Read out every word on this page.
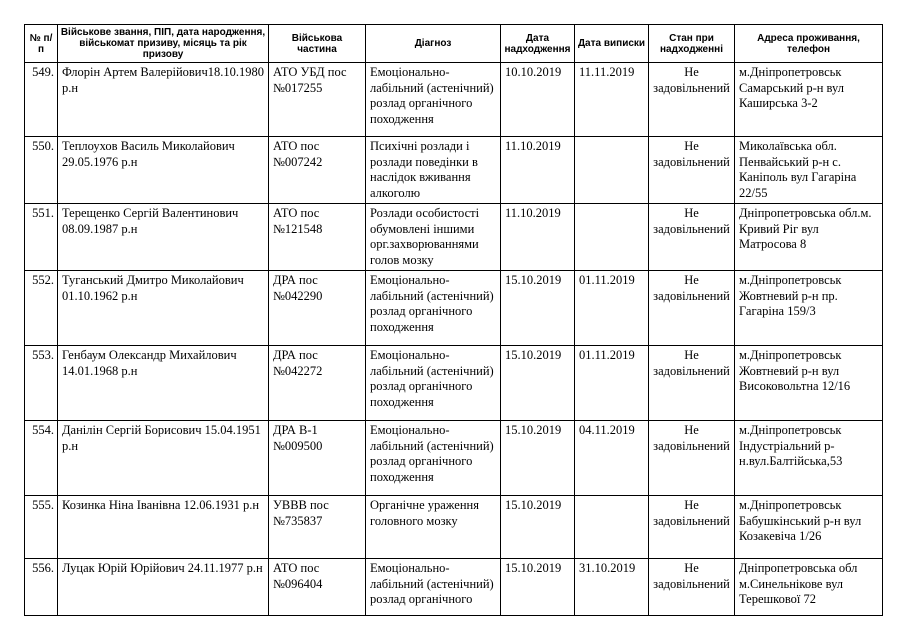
№ п/п	Військове звання, ПІП, дата народження, військомат призиву, місяць та рік призову	Військова частина	Діагноз	Дата надходження	Дата виписки	Стан при надходженні	Адреса проживання, телефон
549.	Флорін Артем Валерійович18.10.1980 р.н	АТО УБД пос №017255	Емоціонально-лабільний (астенічний) розлад органічного походження	10.10.2019	11.11.2019	Не задовільнений	м.Дніпропетровськ Самарський р-н вул Каширська 3-2
550.	Теплоухов Василь Миколайович 29.05.1976 р.н	АТО пос №007242	Психічні розлади і розлади поведінки в наслідок вживання алкоголю	11.10.2019		Не задовільнений	Миколаївська обл. Пенвайський р-н с. Каніполь вул Гагаріна 22/55
551.	Терещенко Сергій Валентинович 08.09.1987 р.н	АТО пос №121548	Розлади особистості обумовлені іншими орг.захворюваннями голов мозку	11.10.2019		Не задовільнений	Дніпропетровська обл.м. Кривий Ріг вул Матросова 8
552.	Туганський Дмитро Миколайович 01.10.1962 р.н	ДРА пос №042290	Емоціонально-лабільний (астенічний) розлад органічного походження	15.10.2019	01.11.2019	Не задовільнений	м.Дніпропетровськ Жовтневий р-н пр. Гагаріна 159/3
553.	Генбаум Олександр Михайлович 14.01.1968 р.н	ДРА пос №042272	Емоціонально-лабільний (астенічний) розлад органічного походження	15.10.2019	01.11.2019	Не задовільнений	м.Дніпропетровськ Жовтневий р-н вул Високовольтна 12/16
554.	Данілін Сергій Борисович 15.04.1951 р.н	ДРА В-1 №009500	Емоціонально-лабільний (астенічний) розлад органічного походження	15.10.2019	04.11.2019	Не задовільнений	м.Дніпропетровськ Індустріальний р-н.вул.Балтійська,53
555.	Козинка Ніна Іванівна 12.06.1931 р.н	УВВВ пос №735837	Органічне ураження головного мозку	15.10.2019		Не задовільнений	м.Дніпропетровськ Бабушкінський р-н вул Козакевіча 1/26
556.	Луцак Юрій Юрійович 24.11.1977 р.н	АТО пос №096404	Емоціонально-лабільний (астенічний) розлад органічного	15.10.2019	31.10.2019	Не задовільнений	Дніпропетровська обл м.Синельнікове вул Терешкової 72
